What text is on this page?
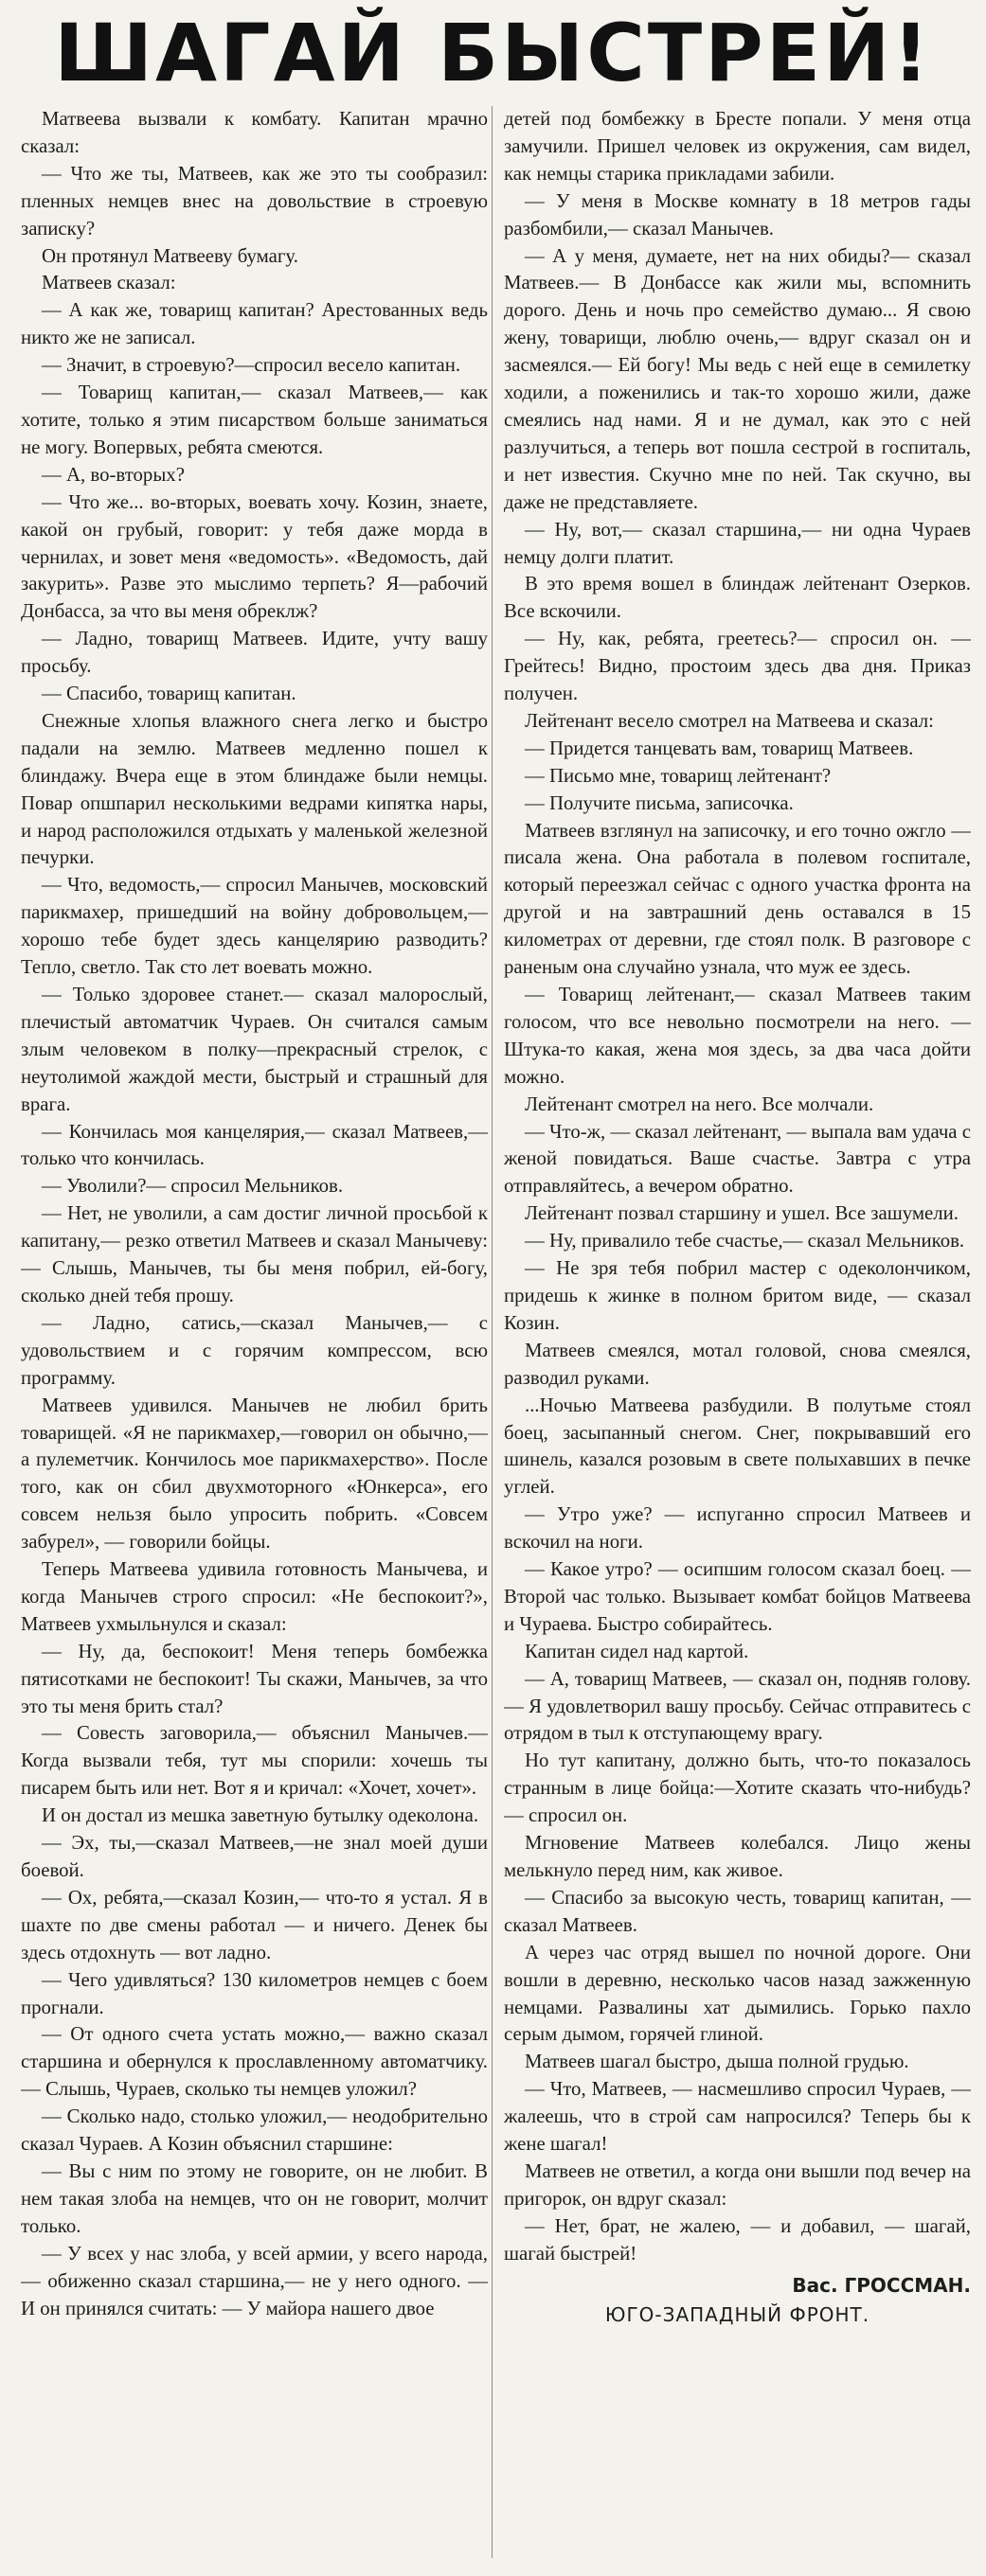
ШАГАЙ БЫСТРЕЙ!

Матвеева вызвали к комбату. Капитан мрачно сказал:

— Что же ты, Матвеев, как же это ты сообразил: пленных немцев внес на довольствие в строевую записку?

Он протянул Матвееву бумагу.

Матвеев сказал:

— А как же, товарищ капитан? Арестованных ведь никто же не записал.

— Значит, в строевую?—спросил весело капитан.

— Товарищ капитан,— сказал Матвеев,— как хотите, только я этим писарством больше заниматься не могу. Вопервых, ребята смеются.

— А, во-вторых?

— Что же... во-вторых, воевать хочу. Козин, знаете, какой он грубый, говорит: у тебя даже морда в чернилах, и зовет меня «ведомость». «Ведомость, дай закурить». Разве это мыслимо терпеть? Я—рабочий Донбасса, за что вы меня обреклж?

— Ладно, товарищ Матвеев. Идите, учту вашу просьбу.

— Спасибо, товарищ капитан.

Снежные хлопья влажного снега легко и быстро падали на землю. Матвеев медленно пошел к блиндажу. Вчера еще в этом блиндаже были немцы. Повар опшпарил несколькими ведрами кипятка нары, и народ расположился отдыхать у маленькой железной печурки.

— Что, ведомость,— спросил Манычев, московский парикмахер, пришедший на войну добровольцем,— хорошо тебе будет здесь канцелярию разводить? Тепло, светло. Так сто лет воевать можно.

— Только здоровее станет.— сказал малорослый, плечистый автоматчик Чураев. Он считался самым злым человеком в полку—прекрасный стрелок, с неутолимой жаждой мести, быстрый и страшный для врага.

— Кончилась моя канцелярия,— сказал Матвеев,— только что кончилась.

— Уволили?— спросил Мельников.

— Нет, не уволили, а сам достиг личной просьбой к капитану,— резко ответил Матвеев и сказал Манычеву:— Слышь, Манычев, ты бы меня побрил, ей-богу, сколько дней тебя прошу.

— Ладно, сатись,—сказал Манычев,— с удовольствием и с горячим компрессом, всю программу.

Матвеев удивился. Манычев не любил брить товарищей. «Я не парикмахер,—говорил он обычно,— а пулеметчик. Кончилось мое парикмахерство». После того, как он сбил двухмоторного «Юнкерса», его совсем нельзя было упросить побрить. «Совсем забурел», — говорили бойцы.

Теперь Матвеева удивила готовность Манычева, и когда Манычев строго спросил: «Не беспокоит?», Матвеев ухмыльнулся и сказал:

— Ну, да, беспокоит! Меня теперь бомбежка пятисотками не беспокоит! Ты скажи, Манычев, за что это ты меня брить стал?

— Совесть заговорила,— объяснил Манычев.—Когда вызвали тебя, тут мы спорили: хочешь ты писарем быть или нет. Вот я и кричал: «Хочет, хочет».

И он достал из мешка заветную бутылку одеколона.

— Эх, ты,—сказал Матвеев,—не знал моей души боевой.

— Ох, ребята,—сказал Козин,— что-то я устал. Я в шахте по две смены работал — и ничего. Денек бы здесь отдохнуть — вот ладно.

— Чего удивляться? 130 километров немцев с боем прогнали.

— От одного счета устать можно,— важно сказал старшина и обернулся к прославленному автоматчику. — Слышь, Чураев, сколько ты немцев уложил?

— Сколько надо, столько уложил,— неодобрительно сказал Чураев. А Козин объяснил старшине:

— Вы с ним по этому не говорите, он не любит. В нем такая злоба на немцев, что он не говорит, молчит только.

— У всех у нас злоба, у всей армии, у всего народа,— обиженно сказал старшина,— не у него одного. — И он принялся считать: — У майора нашего двое

детей под бомбежку в Бресте попали. У меня отца замучили. Пришел человек из окружения, сам видел, как немцы старика прикладами забили.

— У меня в Москве комнату в 18 метров гады разбомбили,— сказал Манычев.

— А у меня, думаете, нет на них обиды?— сказал Матвеев.— В Донбассе как жили мы, вспомнить дорого. День и ночь про семейство думаю... Я свою жену, товарищи, люблю очень,— вдруг сказал он и засмеялся.— Ей богу! Мы ведь с ней еще в семилетку ходили, а поженились и так-то хорошо жили, даже смеялись над нами. Я и не думал, как это с ней разлучиться, а теперь вот пошла сестрой в госпиталь, и нет известия. Скучно мне по ней. Так скучно, вы даже не представляете.

— Ну, вот,— сказал старшина,— ни одна Чураев немцу долги платит.

В это время вошел в блиндаж лейтенант Озерков. Все вскочили.

— Ну, как, ребята, греетесь?— спросил он. — Грейтесь! Видно, простоим здесь два дня. Приказ получен.

Лейтенант весело смотрел на Матвеева и сказал:

— Придется танцевать вам, товарищ Матвеев.

— Письмо мне, товарищ лейтенант?

— Получите письма, записочка.

Матвеев взглянул на записочку, и его точно ожгло — писала жена. Она работала в полевом госпитале, который переезжал сейчас с одного участка фронта на другой и на завтрашний день оставался в 15 километрах от деревни, где стоял полк. В разговоре с раненым она случайно узнала, что муж ее здесь.

— Товарищ лейтенант,— сказал Матвеев таким голосом, что все невольно посмотрели на него. — Штука-то какая, жена моя здесь, за два часа дойти можно.

Лейтенант смотрел на него. Все молчали.

— Что-ж, — сказал лейтенант, — выпала вам удача с женой повидаться. Ваше счастье. Завтра с утра отправляйтесь, а вечером обратно.

Лейтенант позвал старшину и ушел. Все зашумели.

— Ну, привалило тебе счастье,— сказал Мельников.

— Не зря тебя побрил мастер с одеколончиком, придешь к жинке в полном бритом виде, — сказал Козин.

Матвеев смеялся, мотал головой, снова смеялся, разводил руками.

...Ночью Матвеева разбудили. В полутьме стоял боец, засыпанный снегом. Снег, покрывавший его шинель, казался розовым в свете полыхавших в печке углей.

— Утро уже? — испуганно спросил Матвеев и вскочил на ноги.

— Какое утро? — осипшим голосом сказал боец. — Второй час только. Вызывает комбат бойцов Матвеева и Чураева. Быстро собирайтесь.

Капитан сидел над картой.

— А, товарищ Матвеев, — сказал он, подняв голову. — Я удовлетворил вашу просьбу. Сейчас отправитесь с отрядом в тыл к отступающему врагу.

Но тут капитану, должно быть, что-то показалось странным в лице бойца:—Хотите сказать что-нибудь? — спросил он.

Мгновение Матвеев колебался. Лицо жены мелькнуло перед ним, как живое.

— Спасибо за высокую честь, товарищ капитан, — сказал Матвеев.

А через час отряд вышел по ночной дороге. Они вошли в деревню, несколько часов назад зажженную немцами. Развалины хат дымились. Горько пахло серым дымом, горячей глиной.

Матвеев шагал быстро, дыша полной грудью.

— Что, Матвеев, — насмешливо спросил Чураев, — жалеешь, что в строй сам напросился? Теперь бы к жене шагал!

Матвеев не ответил, а когда они вышли под вечер на пригорок, он вдруг сказал:

— Нет, брат, не жалею, — и добавил, — шагай, шагай быстрей!

Вас. ГРОССМАН.

ЮГО-ЗАПАДНЫЙ ФРОНТ.
